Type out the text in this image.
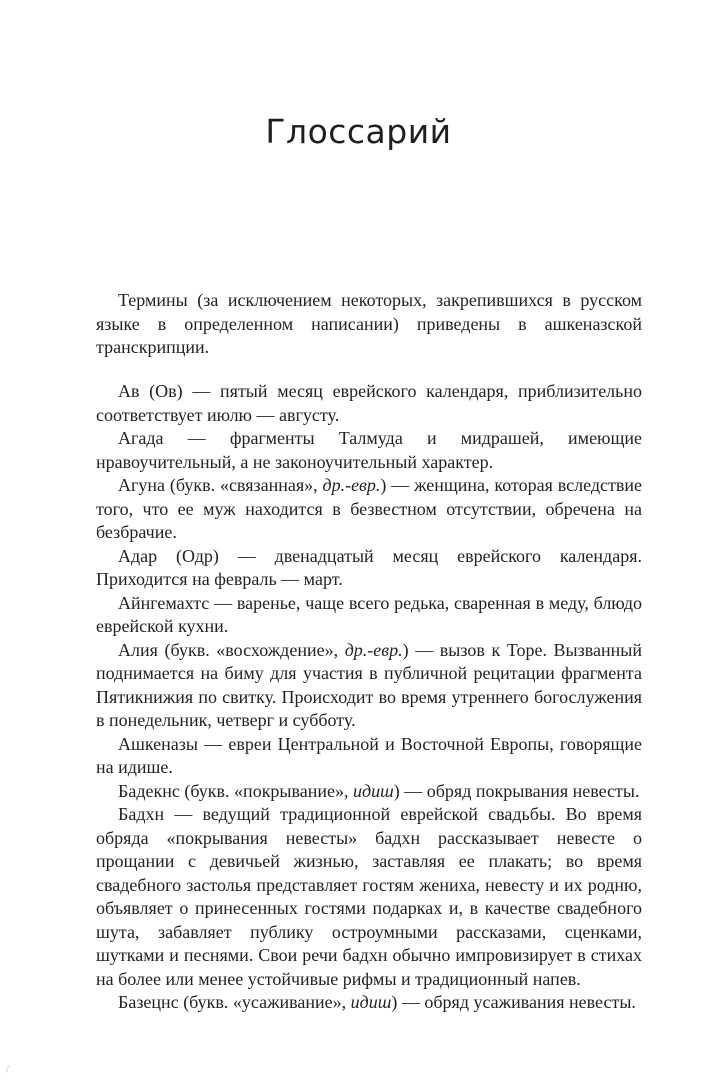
Глоссарий

Термины (за исключением некоторых, закрепившихся в русском языке в определенном написании) приведены в ашкеназской транскрипции.

Ав (Ов) — пятый месяц еврейского календаря, приблизительно соответствует июлю — августу.

Агада — фрагменты Талмуда и мидрашей, имеющие нравоучительный, а не законоучительный характер.

Агуна (букв. «связанная», др.-евр.) — женщина, которая вследствие того, что ее муж находится в безвестном отсутствии, обречена на безбрачие.

Адар (Одр) — двенадцатый месяц еврейского календаря. Приходится на февраль — март.

Айнгемахтс — варенье, чаще всего редька, сваренная в меду, блюдо еврейской кухни.

Алия (букв. «восхождение», др.-евр.) — вызов к Торе. Вызванный поднимается на биму для участия в публичной рецитации фрагмента Пятикнижия по свитку. Происходит во время утреннего богослужения в понедельник, четверг и субботу.

Ашкеназы — евреи Центральной и Восточной Европы, говорящие на идише.

Бадекнс (букв. «покрывание», идиш) — обряд покрывания невесты.

Бадхн — ведущий традиционной еврейской свадьбы. Во время обряда «покрывания невесты» бадхн рассказывает невесте о прощании с девичьей жизнью, заставляя ее плакать; во время свадебного застолья представляет гостям жениха, невесту и их родню, объявляет о принесенных гостями подарках и, в качестве свадебного шута, забавляет публику остроумными рассказами, сценками, шутками и песнями. Свои речи бадхн обычно импровизирует в стихах на более или менее устойчивые рифмы и традиционный напев.

Базецнс (букв. «усаживание», идиш) — обряд усаживания невесты.

/
